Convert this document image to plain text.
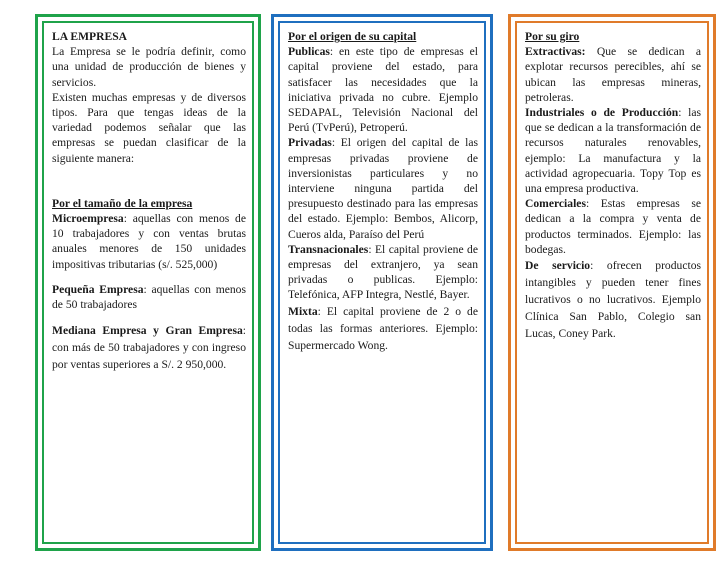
LA EMPRESA

La Empresa se le podría definir, como una unidad de producción de bienes y servicios.

Existen muchas empresas y de diversos tipos. Para que tengas ideas de la variedad podemos señalar que las empresas se puedan clasificar de la siguiente manera:

Por el tamaño de la empresa

Microempresa: aquellas con menos de 10 trabajadores y con ventas brutas anuales menores de 150 unidades impositivas tributarias (s/. 525,000)

Pequeña Empresa: aquellas con menos de 50 trabajadores

Mediana Empresa y Gran Empresa: con más de 50 trabajadores y con ingreso por ventas superiores a S/. 2 950,000.

Por el origen de su capital

Publicas: en este tipo de empresas el capital proviene del estado, para satisfacer las necesidades que la iniciativa privada no cubre. Ejemplo SEDAPAL, Televisión Nacional del Perú (TvPerú), Petroperú.

Privadas: El origen del capital de las empresas privadas proviene de inversionistas particulares y no interviene ninguna partida del presupuesto destinado para las empresas del estado. Ejemplo: Bembos, Alicorp, Cueros alda, Paraíso del Perú

Transnacionales: El capital proviene de empresas del extranjero, ya sean privadas o publicas. Ejemplo: Telefónica, AFP Integra, Nestlé, Bayer.

Mixta: El capital proviene de 2 o de todas las formas anteriores. Ejemplo: Supermercado Wong.

Por su giro

Extractivas: Que se dedican a explotar recursos perecibles, ahí se ubican las empresas mineras, petroleras.

Industriales o de Producción: las que se dedican a la transformación de recursos naturales renovables, ejemplo: La manufactura y la actividad agropecuaria. Topy Top es una empresa productiva.

Comerciales: Estas empresas se dedican a la compra y venta de productos terminados. Ejemplo: las bodegas.

De servicio: ofrecen productos intangibles y pueden tener fines lucrativos o no lucrativos. Ejemplo Clínica San Pablo, Colegio san Lucas, Coney Park.
